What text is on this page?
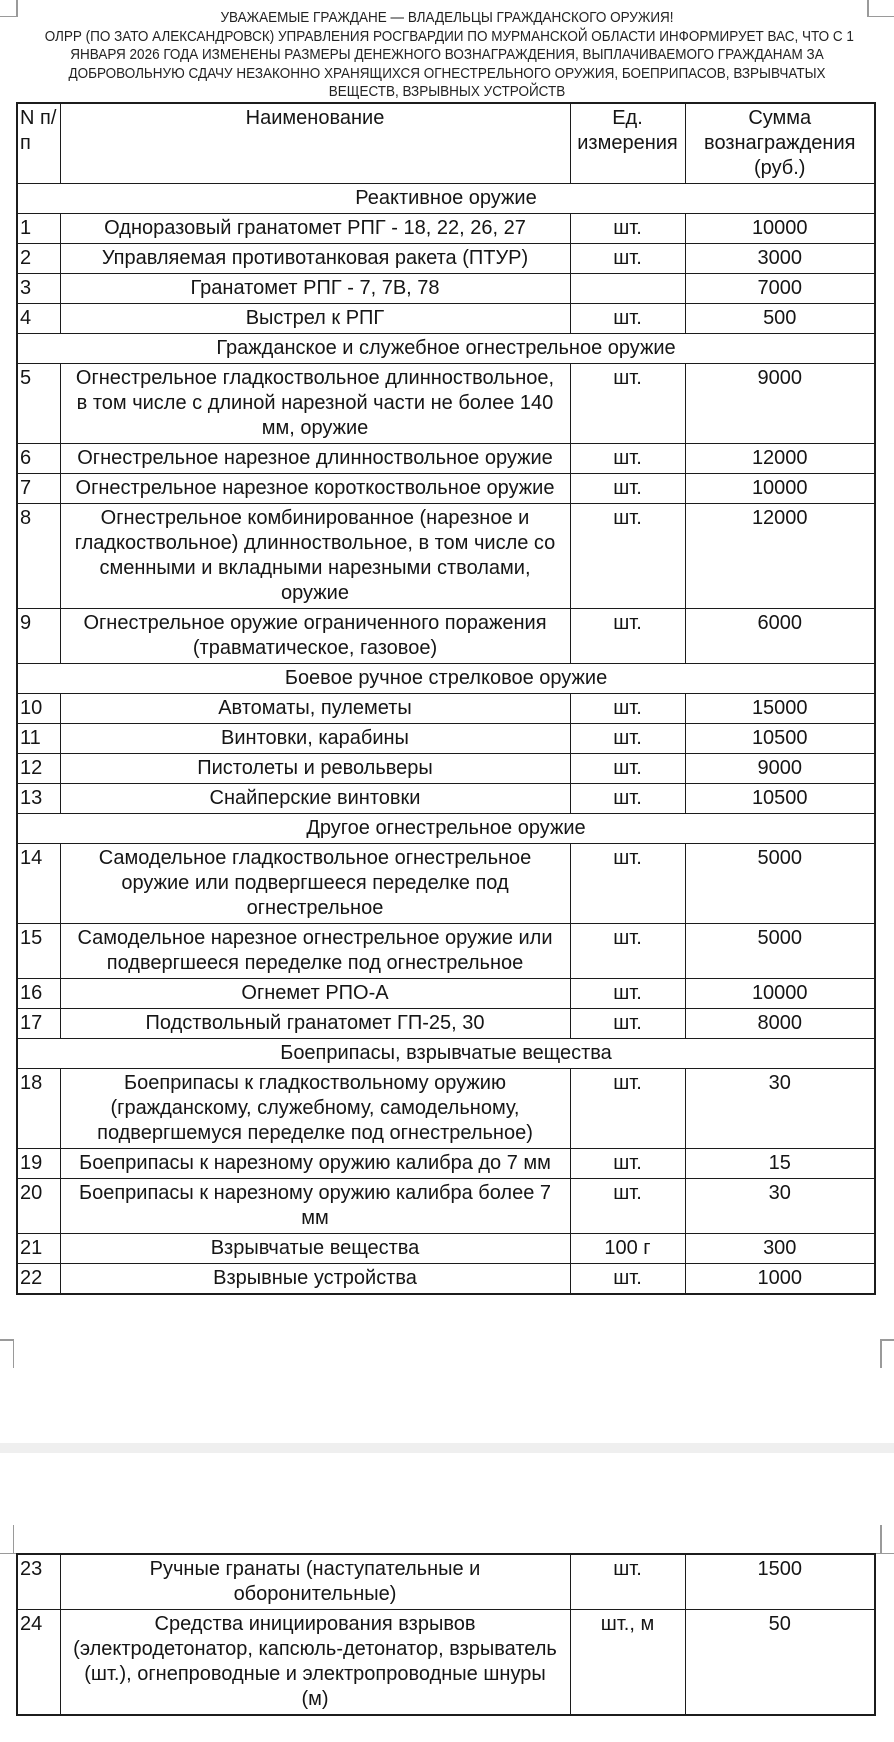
УВАЖАЕМЫЕ ГРАЖДАНЕ — ВЛАДЕЛЬЦЫ ГРАЖДАНСКОГО ОРУЖИЯ!
ОЛРР (ПО ЗАТО АЛЕКСАНДРОВСК) УПРАВЛЕНИЯ РОСГВАРДИИ ПО МУРМАНСКОЙ ОБЛАСТИ ИНФОРМИРУЕТ ВАС, ЧТО С 1
ЯНВАРЯ 2026 ГОДА ИЗМЕНЕНЫ РАЗМЕРЫ ДЕНЕЖНОГО ВОЗНАГРАЖДЕНИЯ, ВЫПЛАЧИВАЕМОГО ГРАЖДАНАМ ЗА
ДОБРОВОЛЬНУЮ СДАЧУ НЕЗАКОННО ХРАНЯЩИХСЯ ОГНЕСТРЕЛЬНОГО ОРУЖИЯ, БОЕПРИПАСОВ, ВЗРЫВЧАТЫХ
ВЕЩЕСТВ, ВЗРЫВНЫХ УСТРОЙСТВ
N п/п	Наименование	Ед. измерения	Сумма вознаграждения (руб.)
Реактивное оружие			
1	Одноразовый гранатомет РПГ - 18, 22, 26, 27	шт.	10000
2	Управляемая противотанковая ракета (ПТУР)	шт.	3000
3	Гранатомет РПГ - 7, 7В, 78		7000
4	Выстрел к РПГ	шт.	500
Гражданское и служебное огнестрельное оружие			
5	Огнестрельное гладкоствольное длинноствольное, в том числе с длиной нарезной части не более 140 мм, оружие	шт.	9000
6	Огнестрельное нарезное длинноствольное оружие	шт.	12000
7	Огнестрельное нарезное короткоствольное оружие	шт.	10000
8	Огнестрельное комбинированное (нарезное и гладкоствольное) длинноствольное, в том числе со сменными и вкладными нарезными стволами, оружие	шт.	12000
9	Огнестрельное оружие ограниченного поражения (травматическое, газовое)	шт.	6000
Боевое ручное стрелковое оружие			
10	Автоматы, пулеметы	шт.	15000
11	Винтовки, карабины	шт.	10500
12	Пистолеты и револьверы	шт.	9000
13	Снайперские винтовки	шт.	10500
Другое огнестрельное оружие			
14	Самодельное гладкоствольное огнестрельное оружие или подвергшееся переделке под огнестрельное	шт.	5000
15	Самодельное нарезное огнестрельное оружие или подвергшееся переделке под огнестрельное	шт.	5000
16	Огнемет РПО-А	шт.	10000
17	Подствольный гранатомет ГП-25, 30	шт.	8000
Боеприпасы, взрывчатые вещества			
18	Боеприпасы к гладкоствольному оружию (гражданскому, служебному, самодельному, подвергшемуся переделке под огнестрельное)	шт.	30
19	Боеприпасы к нарезному оружию калибра до 7 мм	шт.	15
20	Боеприпасы к нарезному оружию калибра более 7 мм	шт.	30
21	Взрывчатые вещества	100 г	300
22	Взрывные устройства	шт.	1000
23	Ручные гранаты (наступательные и оборонительные)	шт.	1500
24	Средства инициирования взрывов (электродетонатор, капсюль-детонатор, взрыватель (шт.), огнепроводные и электропроводные шнуры (м)	шт., м	50
